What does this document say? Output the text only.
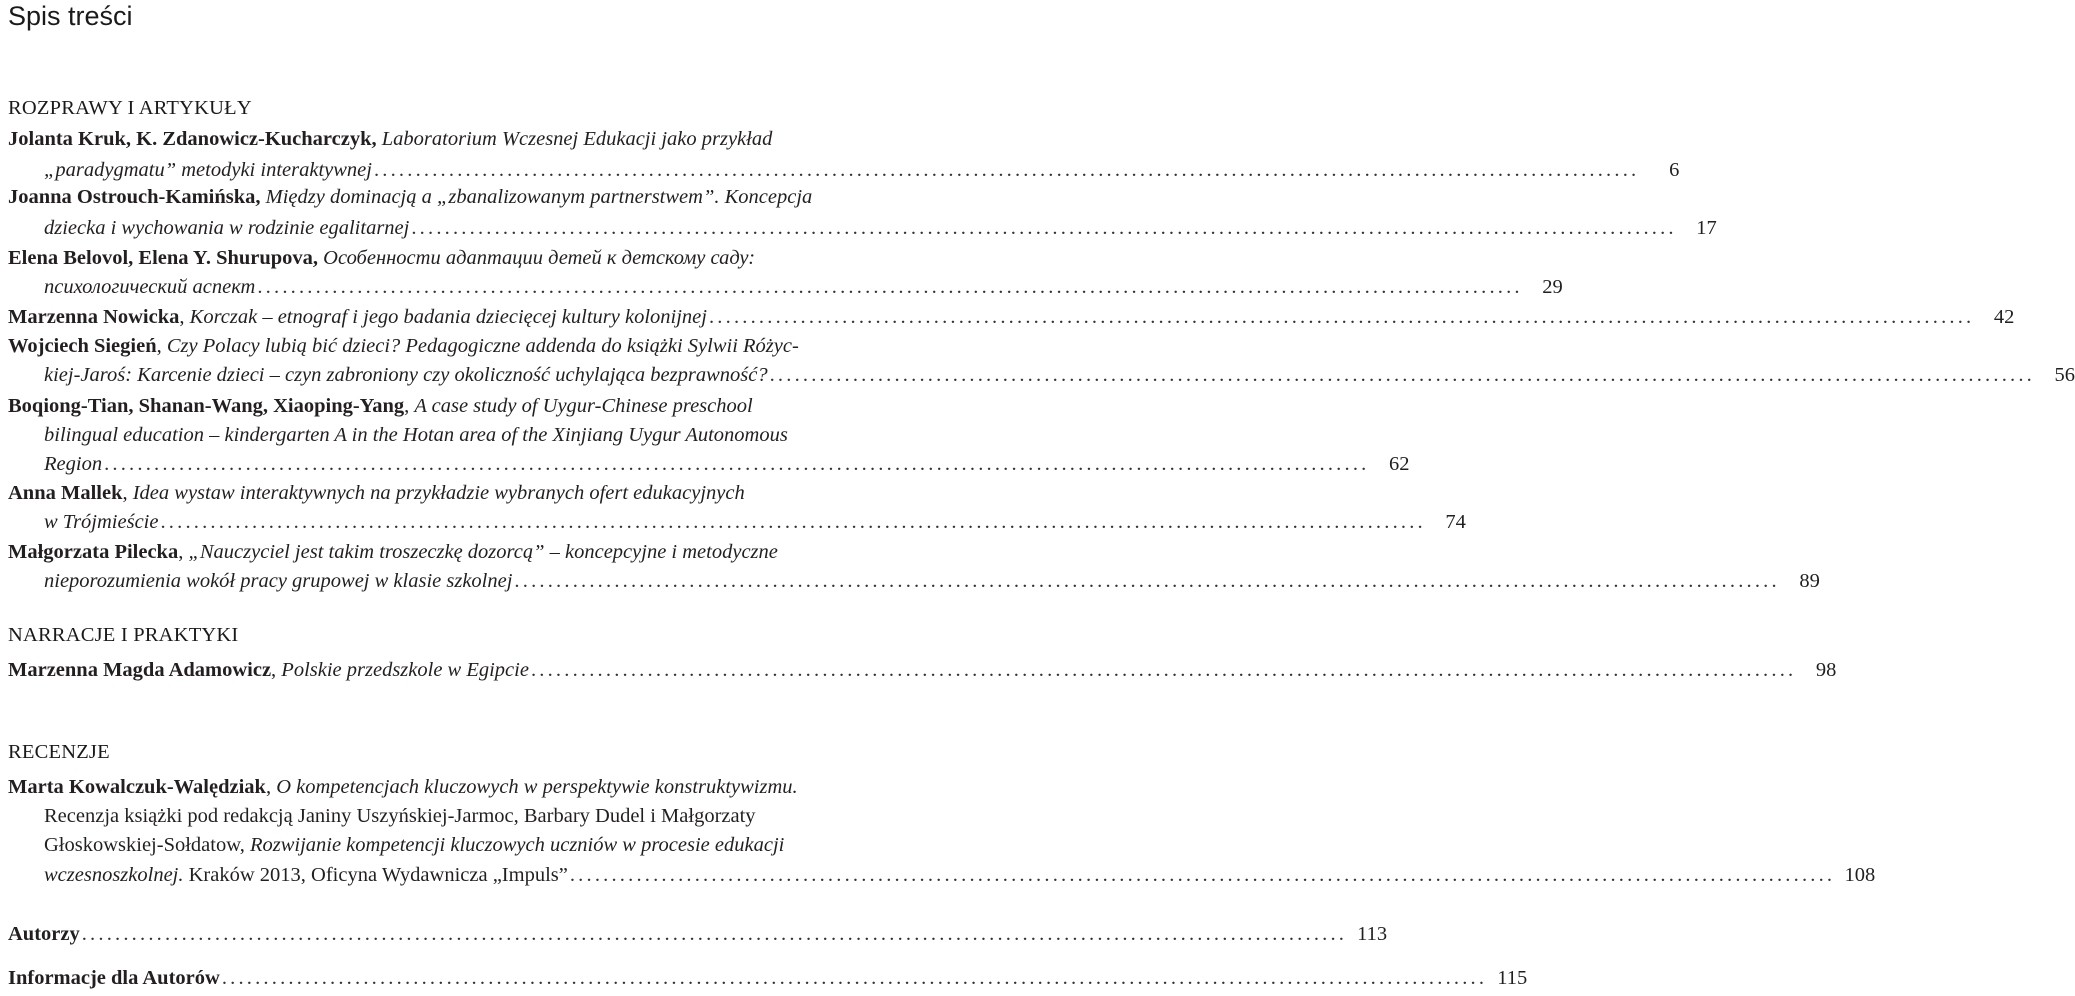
Spis treści
ROZPRAWY I ARTYKUŁY
NARRACJE I PRAKTYKI
RECENZJE
Jolanta Kruk, K. Zdanowicz-Kucharczyk, Laboratorium Wczesnej Edukacji jako przykład
„paradygmatu” metodyki interaktywnej ........................................................................................................................................................	6
Joanna Ostrouch-Kamińska, Między dominacją a „zbanalizowanym partnerstwem”. Koncepcja
dziecka i wychowania w rodzinie egalitarnej ........................................................................................................................................................ 17
Elena Belovol, Elena Y. Shurupova, Особенности адаптации детей к детскому саду:
психологический аспект ........................................................................................................................................................ 29
Marzenna Nowicka, Korczak – etnograf i jego badania dziecięcej kultury kolonijnej ........................................................................................................................................................ 42
Wojciech Siegień, Czy Polacy lubią bić dzieci? Pedagogiczne addenda do książki Sylwii Różyc-
kiej-Jaroś: Karcenie dzieci – czyn zabroniony czy okoliczność uchylająca bezprawność? ........................................................................................................................................................ 56
Boqiong-Tian, Shanan-Wang, Xiaoping-Yang, A case study of Uygur-Chinese preschool
bilingual education – kindergarten A in the Hotan area of the Xinjiang Uygur Autonomous
Region ........................................................................................................................................................ 62
Anna Mallek, Idea wystaw interaktywnych na przykładzie wybranych ofert edukacyjnych
w Trójmieście ........................................................................................................................................................ 74
Małgorzata Pilecka, „Nauczyciel jest takim troszeczkę dozorcą” – koncepcyjne i metodyczne
nieporozumienia wokół pracy grupowej w klasie szkolnej ........................................................................................................................................................ 89
Marzenna Magda Adamowicz, Polskie przedszkole w Egipcie ........................................................................................................................................................ 98
Marta Kowalczuk-Walędziak, O kompetencjach kluczowych w perspektywie konstruktywizmu.
Recenzja książki pod redakcją Janiny Uszyńskiej-Jarmoc, Barbary Dudel i Małgorzaty
Głoskowskiej-Sołdatow, Rozwijanie kompetencji kluczowych uczniów w procesie edukacji
wczesnoszkolnej. Kraków 2013, Oficyna Wydawnicza „Impuls” ........................................................................................................................................................ 108
Autorzy ........................................................................................................................................................ 113
Informacje dla Autorów ........................................................................................................................................................ 115
